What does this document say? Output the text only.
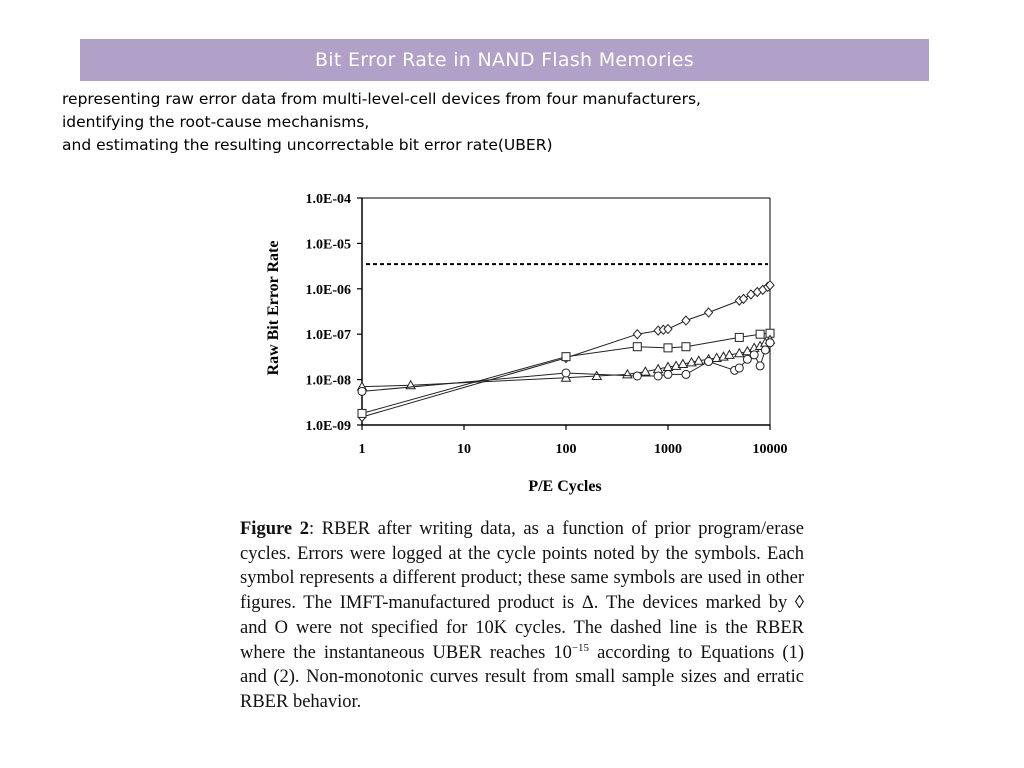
Bit Error Rate in NAND Flash Memories
representing raw error data from multi-level-cell devices from four manufacturers,
identifying the root-cause mechanisms,
and estimating the resulting uncorrectable bit error rate(UBER)
1.0E-09
1.0E-08
1.0E-07
1.0E-06
1.0E-05
1.0E-04
1	10	100	1000	10000
P/E Cycles
Raw Bit Error Rate

Figure 2: RBER after writing data, as a function of prior program/erase cycles. Errors were logged at the cycle points noted by the symbols. Each symbol represents a different product; these same symbols are used in other figures. The IMFT-manufactured product is Δ. The devices marked by ◊ and O were not specified for 10K cycles. The dashed line is the RBER where the instantaneous UBER reaches $10^{-15}$ according to Equations (1) and (2). Non-monotonic curves result from small sample sizes and erratic RBER behavior.
